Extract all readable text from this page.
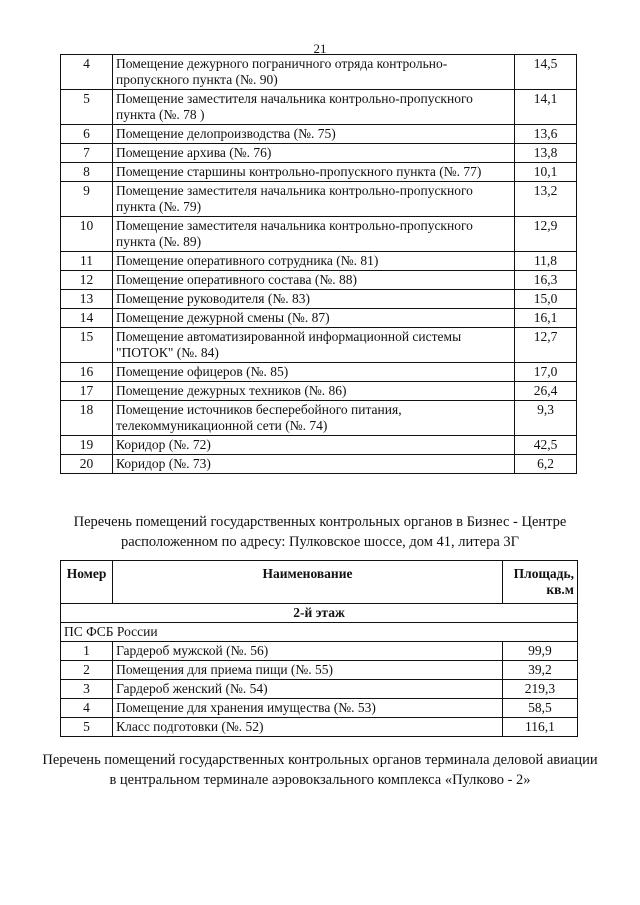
21
4	Помещение дежурного пограничного отряда контрольно-пропускного пункта (№. 90)	14,5
5	Помещение заместителя начальника контрольно-пропускного пункта (№. 78 )	14,1
6	Помещение делопроизводства (№. 75)	13,6
7	Помещение архива (№. 76)	13,8
8	Помещение старшины контрольно-пропускного пункта (№. 77)	10,1
9	Помещение заместителя начальника контрольно-пропускного пункта (№. 79)	13,2
10	Помещение заместителя начальника контрольно-пропускного пункта (№. 89)	12,9
11	Помещение оперативного сотрудника (№. 81)	11,8
12	Помещение оперативного состава (№. 88)	16,3
13	Помещение руководителя (№. 83)	15,0
14	Помещение дежурной смены (№. 87)	16,1
15	Помещение автоматизированной информационной системы "ПОТОК" (№. 84)	12,7
16	Помещение офицеров (№. 85)	17,0
17	Помещение дежурных техников (№. 86)	26,4
18	Помещение источников бесперебойного питания, телекоммуникационной сети (№. 74)	9,3
19	Коридор (№. 72)	42,5
20	Коридор (№. 73)	6,2
Перечень помещений государственных контрольных органов в Бизнес - Центре расположенном по адресу: Пулковское шоссе, дом 41, литера 3Г
Номер	Наименование	Площадь, кв.м
2-й этаж		
ПС ФСБ России		
1	Гардероб мужской (№. 56)	99,9
2	Помещения для приема пищи (№. 55)	39,2
3	Гардероб женский (№. 54)	219,3
4	Помещение для хранения имущества (№. 53)	58,5
5	Класс подготовки (№. 52)	116,1
Перечень помещений государственных контрольных органов терминала деловой авиации в центральном терминале аэровокзального комплекса «Пулково - 2»
